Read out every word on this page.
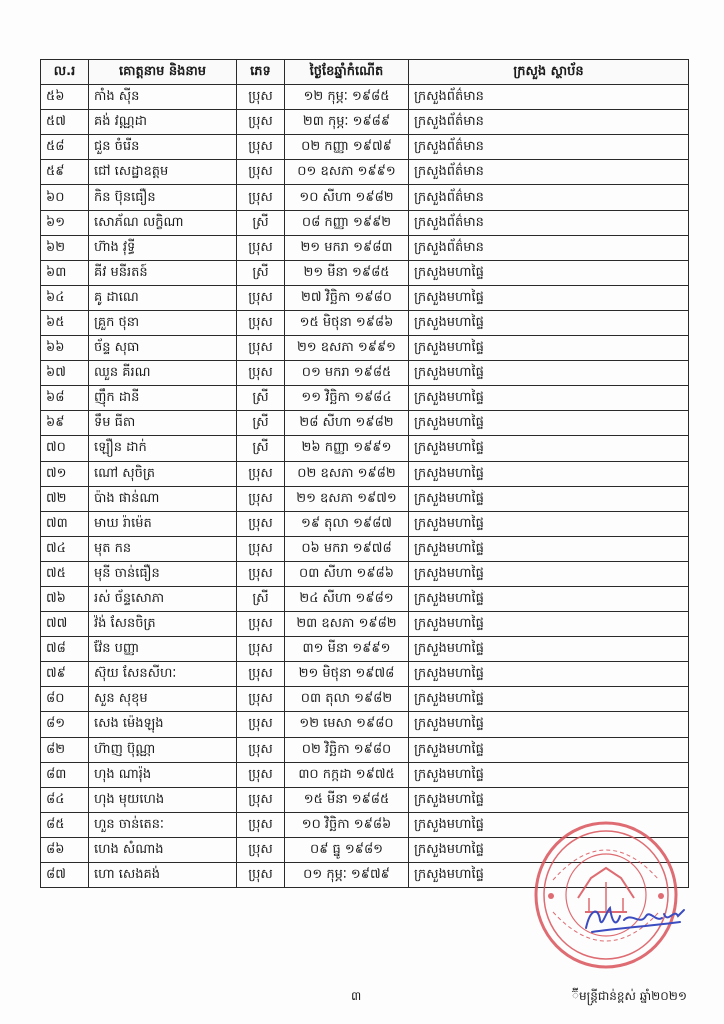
ល.រ	គោត្តនាម និងនាម	ភេទ	ថ្ងៃខែឆ្នាំកំណើត	ក្រសួង ស្ថាប័ន
៥៦	កាំង ស៊ីន	ប្រុស	១២ កុម្ភៈ ១៩៨៥	ក្រសួងព័ត៌មាន
៥៧	គង់ វណ្ណដា	ប្រុស	២៣ កុម្ភៈ ១៩៨៩	ក្រសួងព័ត៌មាន
៥៨	ជួន ចំរើន	ប្រុស	០២ កញ្ញា ១៩៧៩	ក្រសួងព័ត៌មាន
៥៩	ជៅ សេដ្ឋាឧត្តម	ប្រុស	០១ ឧសភា ១៩៩១	ក្រសួងព័ត៌មាន
៦០	កិន ប៊ុនធឿន	ប្រុស	១០ សីហា ១៩៨២	ក្រសួងព័ត៌មាន
៦១	សោភ័ណ លក្ខិណា	ស្រី	០៨ កញ្ញា ១៩៩២	ក្រសួងព័ត៌មាន
៦២	ហ៊ាង វុទ្ធី	ប្រុស	២១ មករា ១៩៨៣	ក្រសួងព័ត៌មាន
៦៣	គីវ មនីរតន៍	ស្រី	២១ មីនា ១៩៨៥	ក្រសួងមហាផ្ទៃ
៦៤	គូ ដាណេ	ប្រុស	២៧ វិច្ឆិកា ១៩៨០	ក្រសួងមហាផ្ទៃ
៦៥	គ្រួក ថុនា	ប្រុស	១៥ មិថុនា ១៩៨៦	ក្រសួងមហាផ្ទៃ
៦៦	ច័ន្ទ សុធា	ប្រុស	២១ ឧសភា ១៩៩១	ក្រសួងមហាផ្ទៃ
៦៧	ឈួន គីរណ	ប្រុស	០១ មករា ១៩៨៥	ក្រសួងមហាផ្ទៃ
៦៨	ញ៉ឹក ដានី	ស្រី	១១ វិច្ឆិកា ១៩៨៤	ក្រសួងមហាផ្ទៃ
៦៩	ទឹម ធីតា	ស្រី	២៨ សីហា ១៩៨២	ក្រសួងមហាផ្ទៃ
៧០	ឡឿន ដាក់	ស្រី	២៦ កញ្ញា ១៩៩១	ក្រសួងមហាផ្ទៃ
៧១	ណៅ សុចិត្រ	ប្រុស	០២ ឧសភា ១៩៨២	ក្រសួងមហាផ្ទៃ
៧២	ប៉ាង ផាន់ណា	ប្រុស	២១ ឧសភា ១៩៧១	ក្រសួងមហាផ្ទៃ
៧៣	មាឃ រ៉ាម៉េត	ប្រុស	១៩ តុលា ១៩៨៧	ក្រសួងមហាផ្ទៃ
៧៤	មុត កន	ប្រុស	០៦ មករា ១៩៧៨	ក្រសួងមហាផ្ទៃ
៧៥	មុនី ចាន់ធឿន	ប្រុស	០៣ សីហា ១៩៨៦	ក្រសួងមហាផ្ទៃ
៧៦	រស់ ច័ន្ទសោភា	ស្រី	២៤ សីហា ១៩៨១	ក្រសួងមហាផ្ទៃ
៧៧	វ៉ង់ សែនចិត្រ	ប្រុស	២៣ ឧសភា ១៩៨២	ក្រសួងមហាផ្ទៃ
៧៨	វ៉ែន បញ្ញា	ប្រុស	៣១ មីនា ១៩៩១	ក្រសួងមហាផ្ទៃ
៧៩	ស៊ុយ សែនសីហៈ	ប្រុស	២១ មិថុនា ១៩៧៨	ក្រសួងមហាផ្ទៃ
៨០	សួន សុខុម	ប្រុស	០៣ តុលា ១៩៨២	ក្រសួងមហាផ្ទៃ
៨១	សេង ម៉េងឡុង	ប្រុស	១២ មេសា ១៩៨០	ក្រសួងមហាផ្ទៃ
៨២	ហ៊ាញ ប៊ុណ្ណា	ប្រុស	០២ វិច្ឆិកា ១៩៨០	ក្រសួងមហាផ្ទៃ
៨៣	ហុង ណារ៉ុង	ប្រុស	៣០ កក្កដា ១៩៧៥	ក្រសួងមហាផ្ទៃ
៨៤	ហុង មុយហេង	ប្រុស	១៥ មីនា ១៩៨៥	ក្រសួងមហាផ្ទៃ
៨៥	ហួន ចាន់តេនៈ	ប្រុស	១០ វិច្ឆិកា ១៩៨៦	ក្រសួងមហាផ្ទៃ
៨៦	ហេង សំណាង	ប្រុស	០៩ ធ្នូ ១៩៨១	ក្រសួងមហាផ្ទៃ
៨៧	ហោ សេងគង់	ប្រុស	០១ កុម្ភៈ ១៩៧៩	ក្រសួងមហាផ្ទៃ
៣	៊ីមន្ត្រីជាន់ខ្ពស់ ឆ្នាំ២០២១
